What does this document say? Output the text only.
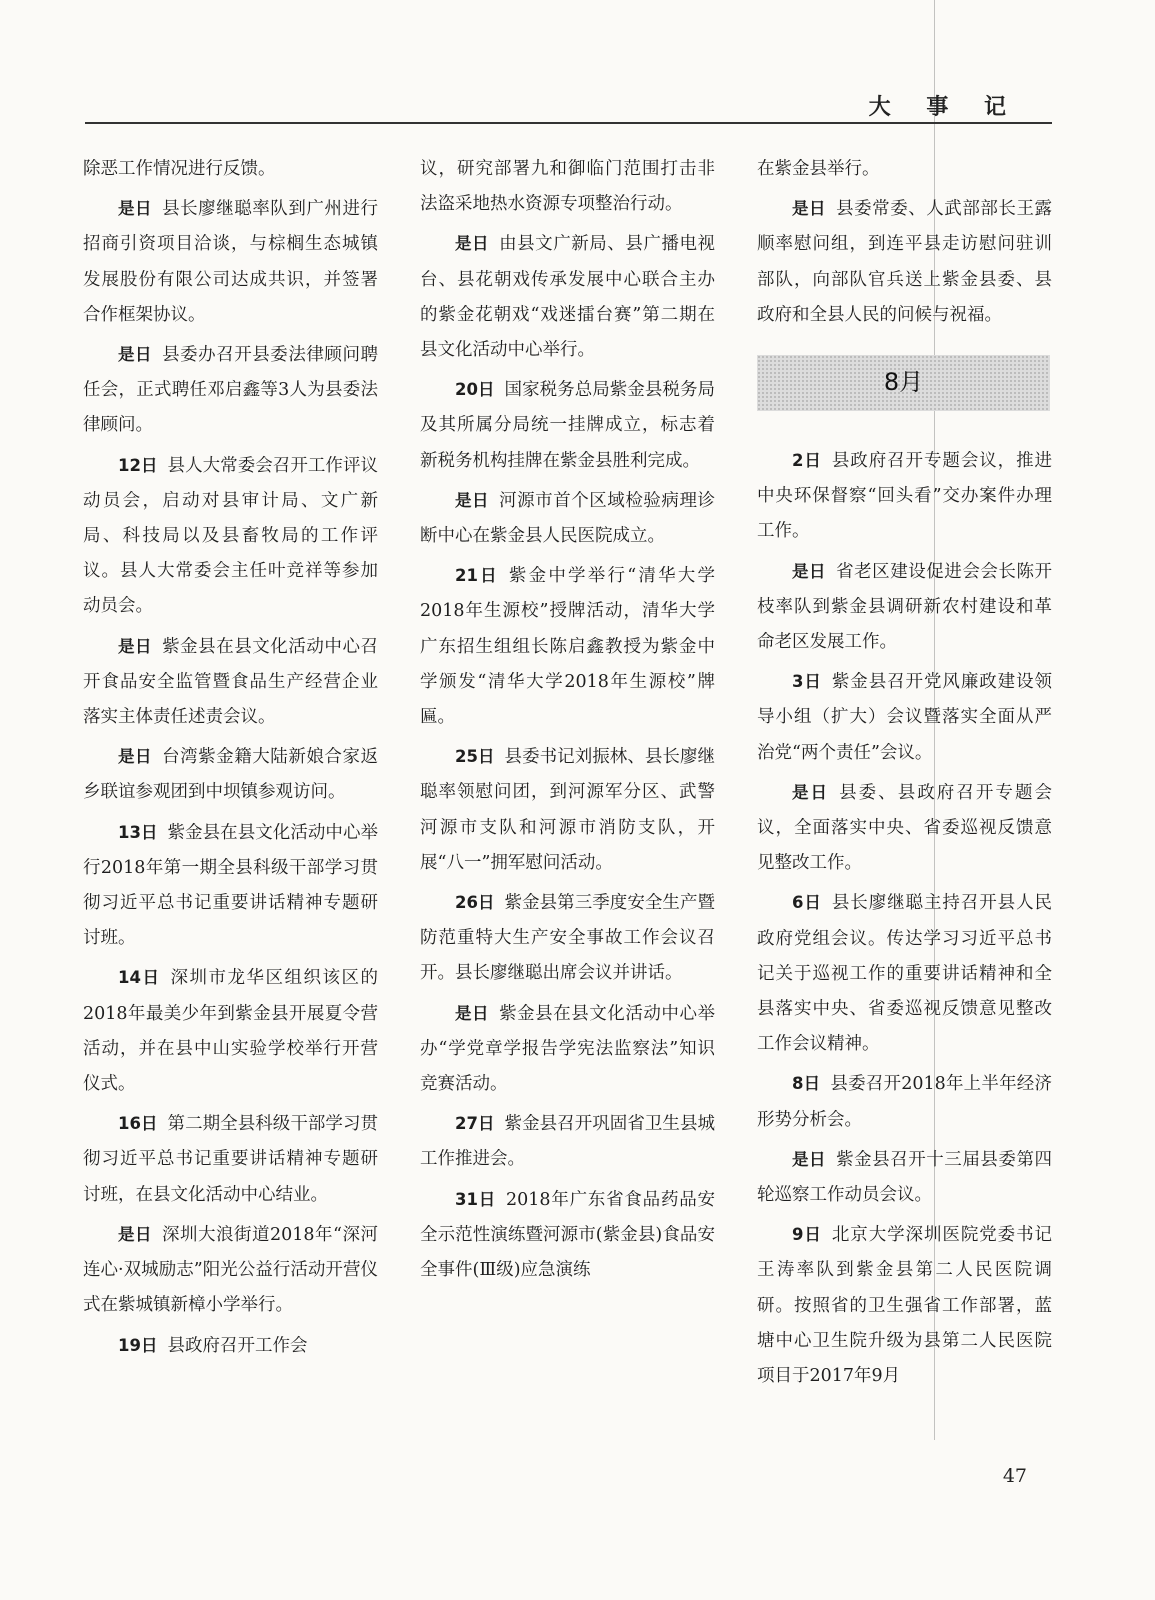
大 事 记

除恶工作情况进行反馈。

是日 县长廖继聪率队到广州进行招商引资项目洽谈，与棕榈生态城镇发展股份有限公司达成共识，并签署合作框架协议。

是日 县委办召开县委法律顾问聘任会，正式聘任邓启鑫等3人为县委法律顾问。

12日 县人大常委会召开工作评议动员会，启动对县审计局、文广新局、科技局以及县畜牧局的工作评议。县人大常委会主任叶竞祥等参加动员会。

是日 紫金县在县文化活动中心召开食品安全监管暨食品生产经营企业落实主体责任述责会议。

是日 台湾紫金籍大陆新娘合家返乡联谊参观团到中坝镇参观访问。

13日 紫金县在县文化活动中心举行2018年第一期全县科级干部学习贯彻习近平总书记重要讲话精神专题研讨班。

14日 深圳市龙华区组织该区的2018年最美少年到紫金县开展夏令营活动，并在县中山实验学校举行开营仪式。

16日 第二期全县科级干部学习贯彻习近平总书记重要讲话精神专题研讨班，在县文化活动中心结业。

是日 深圳大浪街道2018年“深河连心·双城励志”阳光公益行活动开营仪式在紫城镇新樟小学举行。

19日 县政府召开工作会

议，研究部署九和御临门范围打击非法盗采地热水资源专项整治行动。

是日 由县文广新局、县广播电视台、县花朝戏传承发展中心联合主办的紫金花朝戏“戏迷擂台赛”第二期在县文化活动中心举行。

20日 国家税务总局紫金县税务局及其所属分局统一挂牌成立，标志着新税务机构挂牌在紫金县胜利完成。

是日 河源市首个区域检验病理诊断中心在紫金县人民医院成立。

21日 紫金中学举行“清华大学2018年生源校”授牌活动，清华大学广东招生组组长陈启鑫教授为紫金中学颁发“清华大学2018年生源校”牌匾。

25日 县委书记刘振林、县长廖继聪率领慰问团，到河源军分区、武警河源市支队和河源市消防支队，开展“八一”拥军慰问活动。

26日 紫金县第三季度安全生产暨防范重特大生产安全事故工作会议召开。县长廖继聪出席会议并讲话。

是日 紫金县在县文化活动中心举办“学党章学报告学宪法监察法”知识竞赛活动。

27日 紫金县召开巩固省卫生县城工作推进会。

31日 2018年广东省食品药品安全示范性演练暨河源市(紫金县)食品安全事件(Ⅲ级)应急演练

在紫金县举行。

是日 县委常委、人武部部长王露顺率慰问组，到连平县走访慰问驻训部队，向部队官兵送上紫金县委、县政府和全县人民的问候与祝福。

8月

2日 县政府召开专题会议，推进中央环保督察“回头看”交办案件办理工作。

是日 省老区建设促进会会长陈开枝率队到紫金县调研新农村建设和革命老区发展工作。

3日 紫金县召开党风廉政建设领导小组（扩大）会议暨落实全面从严治党“两个责任”会议。

是日 县委、县政府召开专题会议，全面落实中央、省委巡视反馈意见整改工作。

6日 县长廖继聪主持召开县人民政府党组会议。传达学习习近平总书记关于巡视工作的重要讲话精神和全县落实中央、省委巡视反馈意见整改工作会议精神。

8日 县委召开2018年上半年经济形势分析会。

是日 紫金县召开十三届县委第四轮巡察工作动员会议。

9日 北京大学深圳医院党委书记王涛率队到紫金县第二人民医院调研。按照省的卫生强省工作部署，蓝塘中心卫生院升级为县第二人民医院项目于2017年9月

47
